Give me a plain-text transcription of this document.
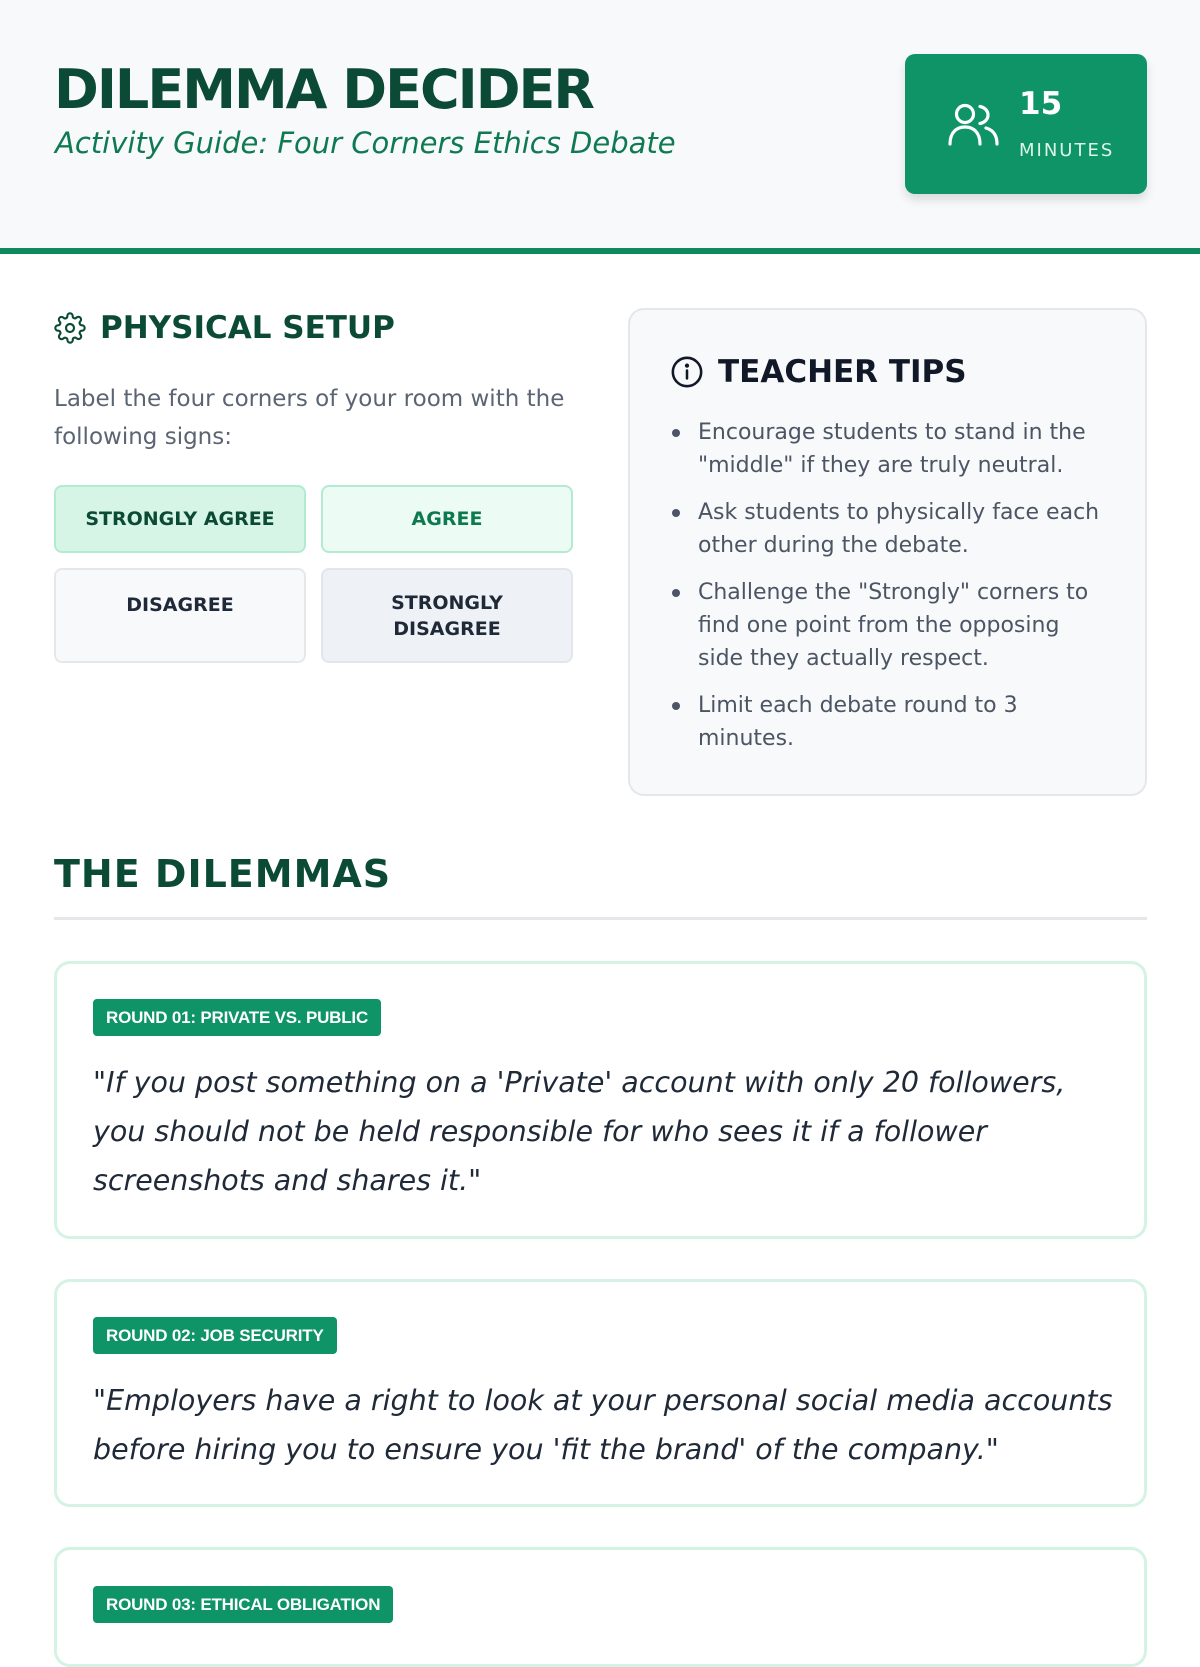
DILEMMA DECIDER
Activity Guide: Four Corners Ethics Debate
15
MINUTES
PHYSICAL SETUP

Label the four corners of your room with the following signs:

STRONGLY AGREE	AGREE
DISAGREE	STRONGLY DISAGREE
TEACHER TIPS
Encourage students to stand in the "middle" if they are truly neutral.
Ask students to physically face each other during the debate.
Challenge the "Strongly" corners to find one point from the opposing side they actually respect.
Limit each debate round to 3 minutes.
THE DILEMMAS
ROUND 01: PRIVATE VS. PUBLIC

"If you post something on a 'Private' account with only 20 followers, you should not be held responsible for who sees it if a follower screenshots and shares it."

ROUND 02: JOB SECURITY

"Employers have a right to look at your personal social media accounts before hiring you to ensure you 'fit the brand' of the company."

ROUND 03: ETHICAL OBLIGATION
